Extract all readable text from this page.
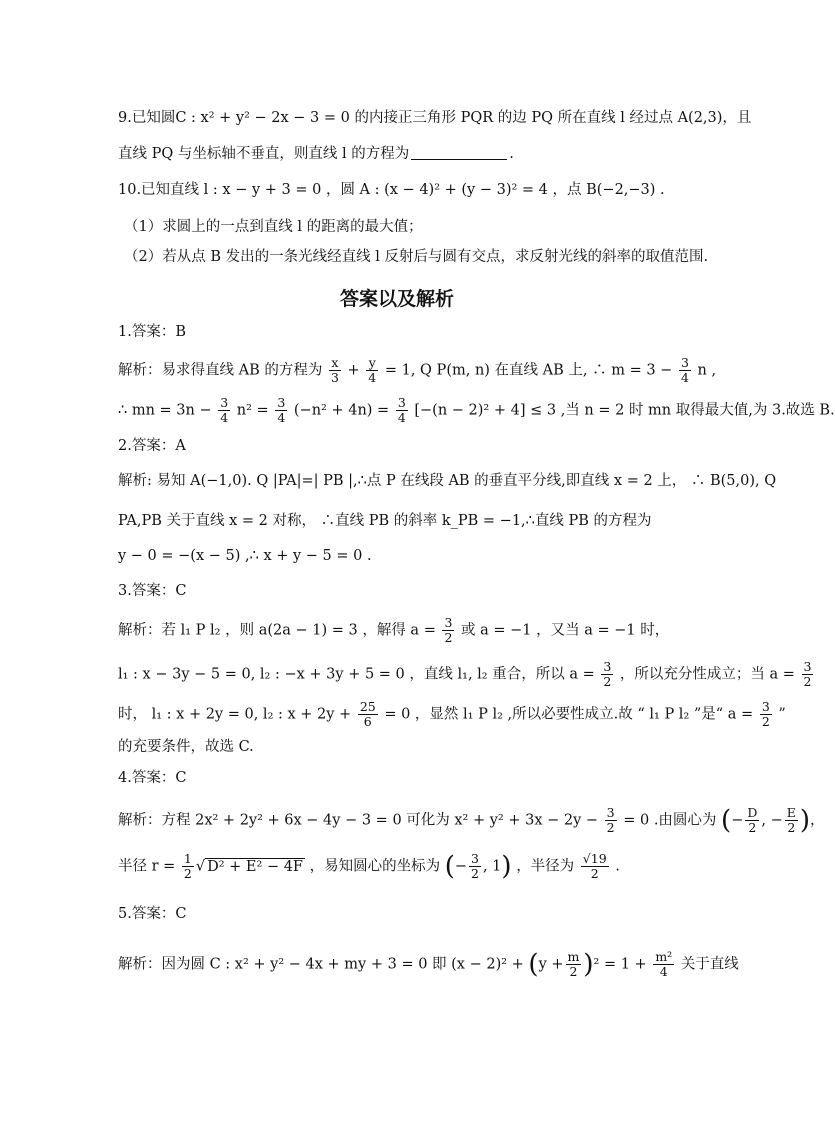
9.已知圆C : x² + y² − 2x − 3 = 0 的内接正三角形 PQR 的边 PQ 所在直线 l 经过点 A(2,3)，且
直线 PQ 与坐标轴不垂直，则直线 l 的方程为	.
10.已知直线 l : x − y + 3 = 0 ，圆 A : (x − 4)² + (y − 3)² = 4 ，点 B(−2,−3) .
（1）求圆上的一点到直线 l 的距离的最大值；
（2）若从点 B 发出的一条光线经直线 l 反射后与圆有交点，求反射光线的斜率的取值范围.
答案以及解析
1.答案：B
解析：易求得直线 AB 的方程为 $\frac{x}{3} + \frac{y}{4} = 1$, Q P(m, n) 在直线 AB 上, ∴ $m = 3 - \frac{3}{4}$ n ,
∴ mn = $3n - \frac{3}{4} n^2 = \frac{3}{4} (-n^2 + 4n) = \frac{3}{4} [-(n - 2)^2 + 4] \le 3$ ,当 n = 2 时 mn 取得最大值,为 3.故选 B.
2.答案：A
解析: 易知 A(−1,0). Q |PA|=| PB |,∴点 P 在线段 AB 的垂直平分线,即直线 x = 2 上， ∴ B(5,0), Q
PA,PB 关于直线 x = 2 对称， ∴直线 PB 的斜率 k_PB = −1,∴直线 PB 的方程为
y − 0 = −(x − 5) ,∴ x + y − 5 = 0 .
3.答案：C
解析：若 l₁ P l₂ ，则 a(2a − 1) = 3 ，解得 $a = \frac{3}{2}$ 或 a = −1 ，又当 a = −1 时，
l₁ : x − 3y − 5 = 0, l₂ : −x + 3y + 5 = 0 ，直线 l₁, l₂ 重合，所以 $a = \frac{3}{2}$ ，所以充分性成立；当 $a = \frac{3}{2}$
时， l₁ : x + 2y = 0, l₂ : $x + 2y + \frac{25}{6} = 0$ ，显然 l₁ P l₂ ,所以必要性成立.故 “ l₁ P l₂ ”是“ $a = \frac{3}{2}$ ”
的充要条件，故选 C.
4.答案：C
解析：方程 2x² + 2y² + 6x − 4y − 3 = 0 可化为 $x^2 + y^2 + 3x - 2y - \frac{3}{2} = 0$ .由圆心为 (− $\frac{D}{2}$ , − $\frac{E}{2}$ )，
半径 $r = \frac{1}{2}$ √ D² + E² − 4F ，易知圆心的坐标为 (− $\frac{3}{2}$ , 1) ，半径为 $\frac{√19}{2}$ .
5.答案：C
解析：因为圆 C : x² + y² − 4x + my + 3 = 0 即 $(x - 2)^2 + (y + \frac{m}{2} )^2 = 1 + \frac{\text{m²}}{4}$ 关于直线
